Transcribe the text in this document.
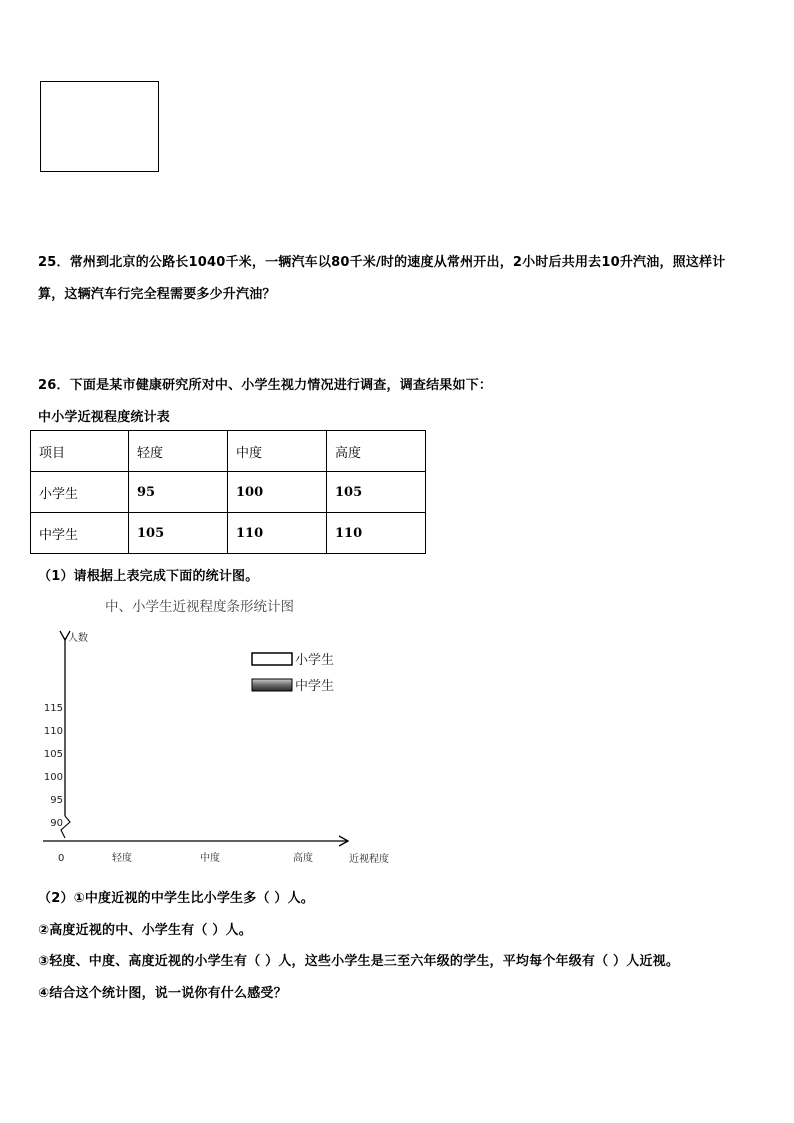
25．常州到北京的公路长1040千米，一辆汽车以80千米/时的速度从常州开出，2小时后共用去10升汽油，照这样计
算，这辆汽车行完全程需要多少升汽油？
26．下面是某市健康研究所对中、小学生视力情况进行调查，调查结果如下：
中小学近视程度统计表
项目	轻度	中度	高度
小学生	95	100	105
中学生	105	110	110
（1）请根据上表完成下面的统计图。
中、小学生近视程度条形统计图
人数
近视程度
115
110
105
100
95
90
0	轻度	中度	高度
小学生
中学生
（2）①中度近视的中学生比小学生多（ ）人。
②高度近视的中、小学生有（ ）人。
③轻度、中度、高度近视的小学生有（ ）人，这些小学生是三至六年级的学生，平均每个年级有（ ）人近视。
④结合这个统计图，说一说你有什么感受？
